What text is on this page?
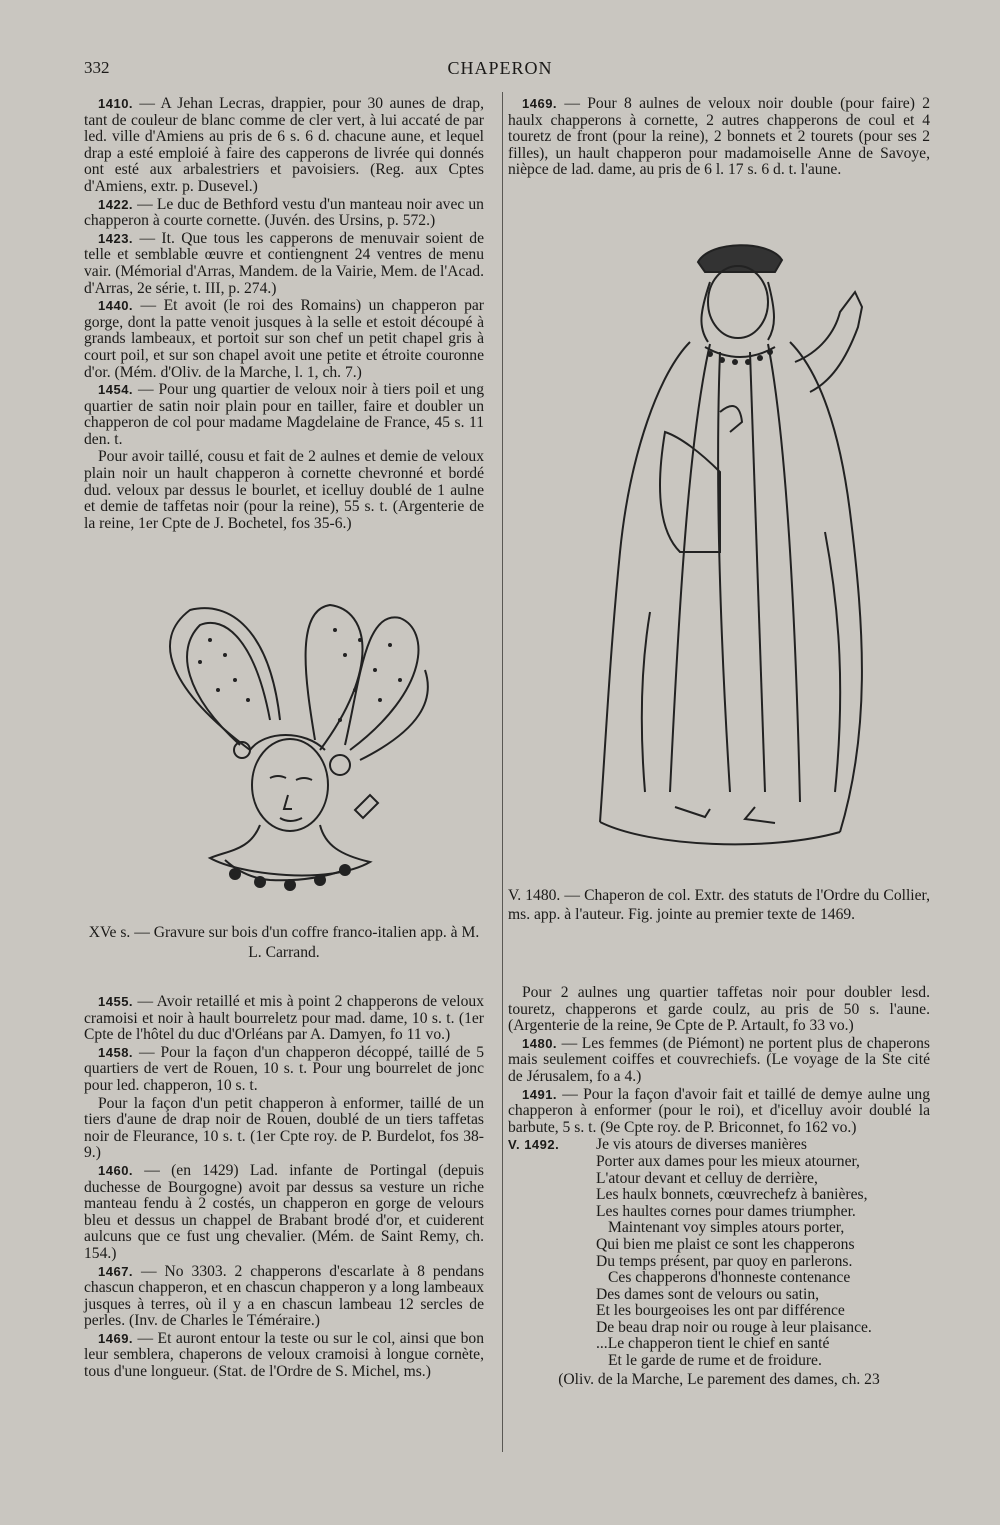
332	CHAPERON

1410. — A Jehan Lecras, drappier, pour 30 aunes de drap, tant de couleur de blanc comme de cler vert, à lui accaté de par led. ville d'Amiens au pris de 6 s. 6 d. chacune aune, et lequel drap a esté emploié à faire des capperons de livrée qui donnés ont esté aux arbalestriers et pavoisiers. (Reg. aux Cptes d'Amiens, extr. p. Dusevel.)

1422. — Le duc de Bethford vestu d'un manteau noir avec un chapperon à courte cornette. (Juvén. des Ursins, p. 572.)

1423. — It. Que tous les capperons de menuvair soient de telle et semblable œuvre et contiengnent 24 ventres de menu vair. (Mémorial d'Arras, Mandem. de la Vairie, Mem. de l'Acad. d'Arras, 2e série, t. III, p. 274.)

1440. — Et avoit (le roi des Romains) un chapperon par gorge, dont la patte venoit jusques à la selle et estoit découpé à grands lambeaux, et portoit sur son chef un petit chapel gris à court poil, et sur son chapel avoit une petite et étroite couronne d'or. (Mém. d'Oliv. de la Marche, l. 1, ch. 7.)

1454. — Pour ung quartier de veloux noir à tiers poil et ung quartier de satin noir plain pour en tailler, faire et doubler un chapperon de col pour madame Magdelaine de France, 45 s. 11 den. t.

Pour avoir taillé, cousu et fait de 2 aulnes et demie de veloux plain noir un hault chapperon à cornette chevronné et bordé dud. veloux par dessus le bourlet, et icelluy doublé de 1 aulne et demie de taffetas noir (pour la reine), 55 s. t. (Argenterie de la reine, 1er Cpte de J. Bochetel, fos 35-6.)

XVe s. — Gravure sur bois d'un coffre franco-italien app. à M. L. Carrand.

1455. — Avoir retaillé et mis à point 2 chapperons de veloux cramoisi et noir à hault bourreletz pour mad. dame, 10 s. t. (1er Cpte de l'hôtel du duc d'Orléans par A. Damyen, fo 11 vo.)

1458. — Pour la façon d'un chapperon décoppé, taillé de 5 quartiers de vert de Rouen, 10 s. t. Pour ung bourrelet de jonc pour led. chapperon, 10 s. t.

Pour la façon d'un petit chapperon à enformer, taillé de un tiers d'aune de drap noir de Rouen, doublé de un tiers taffetas noir de Fleurance, 10 s. t. (1er Cpte roy. de P. Burdelot, fos 38-9.)

1460. — (en 1429) Lad. infante de Portingal (depuis duchesse de Bourgogne) avoit par dessus sa vesture un riche manteau fendu à 2 costés, un chapperon en gorge de velours bleu et dessus un chappel de Brabant brodé d'or, et cuiderent aulcuns que ce fust ung chevalier. (Mém. de Saint Remy, ch. 154.)

1467. — No 3303. 2 chapperons d'escarlate à 8 pendans chascun chapperon, et en chascun chapperon y a long lambeaux jusques à terres, où il y a en chascun lambeau 12 sercles de perles. (Inv. de Charles le Téméraire.)

1469. — Et auront entour la teste ou sur le col, ainsi que bon leur semblera, chaperons de veloux cramoisi à longue cornète, tous d'une longueur. (Stat. de l'Ordre de S. Michel, ms.)

1469. — Pour 8 aulnes de veloux noir double (pour faire) 2 haulx chapperons à cornette, 2 autres chapperons de coul et 4 touretz de front (pour la reine), 2 bonnets et 2 tourets (pour ses 2 filles), un hault chapperon pour madamoiselle Anne de Savoye, nièpce de lad. dame, au pris de 6 l. 17 s. 6 d. t. l'aune.

V. 1480. — Chaperon de col. Extr. des statuts de l'Ordre du Collier, ms. app. à l'auteur. Fig. jointe au premier texte de 1469.

Pour 2 aulnes ung quartier taffetas noir pour doubler lesd. touretz, chapperons et garde coulz, au pris de 50 s. l'aune. (Argenterie de la reine, 9e Cpte de P. Artault, fo 33 vo.)

1480. — Les femmes (de Piémont) ne portent plus de chaperons mais seulement coiffes et couvrechiefs. (Le voyage de la Ste cité de Jérusalem, fo a 4.)

1491. — Pour la façon d'avoir fait et taillé de demye aulne ung chapperon à enformer (pour le roi), et d'icelluy avoir doublé la barbute, 5 s. t. (9e Cpte roy. de P. Briconnet, fo 162 vo.)

V. 1492. Je vis atours de diverses manières
Porter aux dames pour les mieux atourner,
L'atour devant et celluy de derrière,
Les haulx bonnets, cœuvrechefz à banières,
Les haultes cornes pour dames triumpher.
Maintenant voy simples atours porter,
Qui bien me plaist ce sont les chapperons
Du temps présent, par quoy en parlerons.
Ces chapperons d'honneste contenance
Des dames sont de velours ou satin,
Et les bourgeoises les ont par différence
De beau drap noir ou rouge à leur plaisance.
...Le chapperon tient le chief en santé
Et le garde de rume et de froidure.
(Oliv. de la Marche, Le parement des dames, ch. 23
